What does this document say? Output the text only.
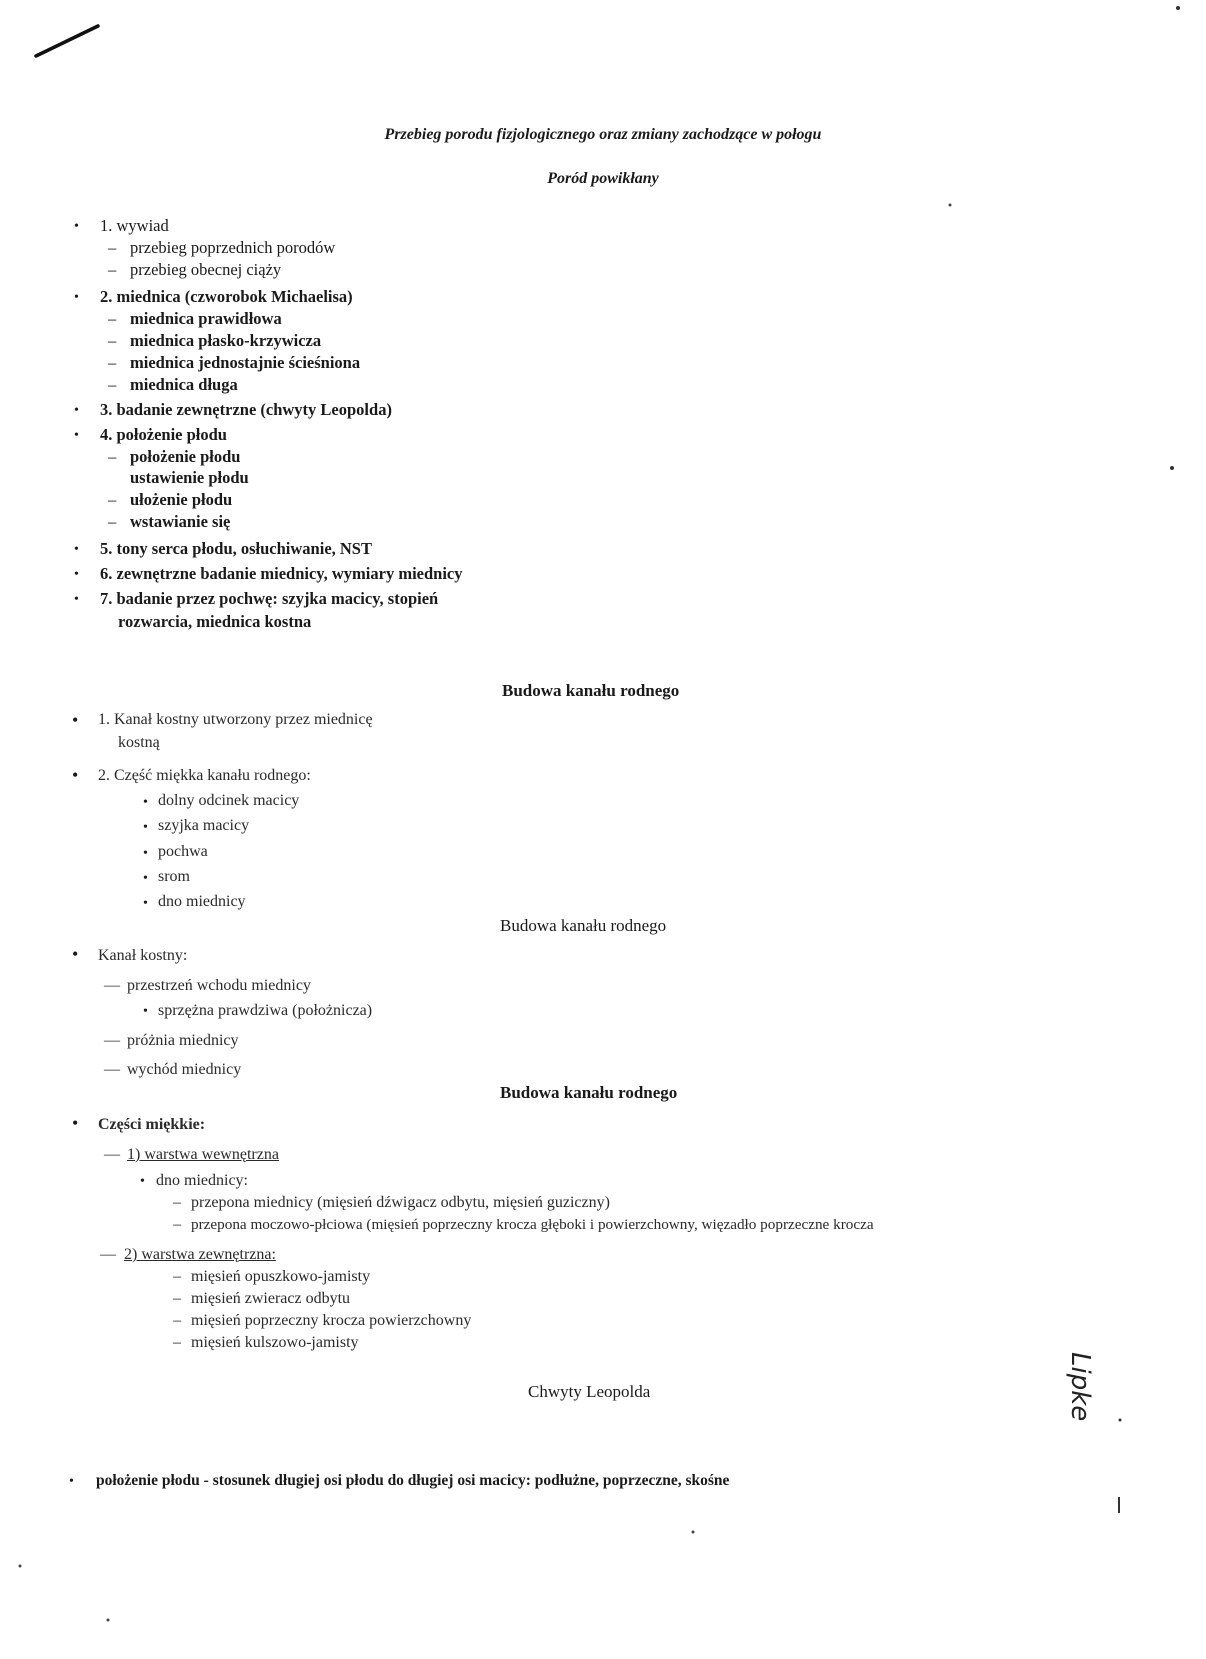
Przebieg porodu fizjologicznego oraz zmiany zachodzące w połogu
Poród powikłany
• 1. wywiad
– przebieg poprzednich porodów
– przebieg obecnej ciąży
• 2. miednica (czworobok Michaelisa)
– miednica prawidłowa
– miednica płasko-krzywicza
– miednica jednostajnie ścieśniona
– miednica długa
• 3. badanie zewnętrzne (chwyty Leopolda)
• 4. położenie płodu
– położenie płodu
ustawienie płodu
– ułożenie płodu
– wstawianie się
• 5. tony serca płodu, osłuchiwanie, NST
• 6. zewnętrzne badanie miednicy, wymiary miednicy
• 7. badanie przez pochwę: szyjka macicy, stopień
rozwarcia, miednica kostna
Budowa kanału rodnego
• 1. Kanał kostny utworzony przez miednicę
kostną
• 2. Część miękka kanału rodnego:
• dolny odcinek macicy
• szyjka macicy
• pochwa
• srom
• dno miednicy
Budowa kanału rodnego
• Kanał kostny:
— przestrzeń wchodu miednicy
• sprzężna prawdziwa (położnicza)
— próżnia miednicy
— wychód miednicy
Budowa kanału rodnego
• Części miękkie:
— 1) warstwa wewnętrzna
• dno miednicy:
– przepona miednicy (mięsień dźwigacz odbytu, mięsień guziczny)
– przepona moczowo-płciowa (mięsień poprzeczny krocza głęboki i powierzchowny, więzadło poprzeczne krocza
— 2) warstwa zewnętrzna:
– mięsień opuszkowo-jamisty
– mięsień zwieracz odbytu
– mięsień poprzeczny krocza powierzchowny
– mięsień kulszowo-jamisty
Chwyty Leopolda
• położenie płodu - stosunek długiej osi płodu do długiej osi macicy: podłużne, poprzeczne, skośne
Lipke
